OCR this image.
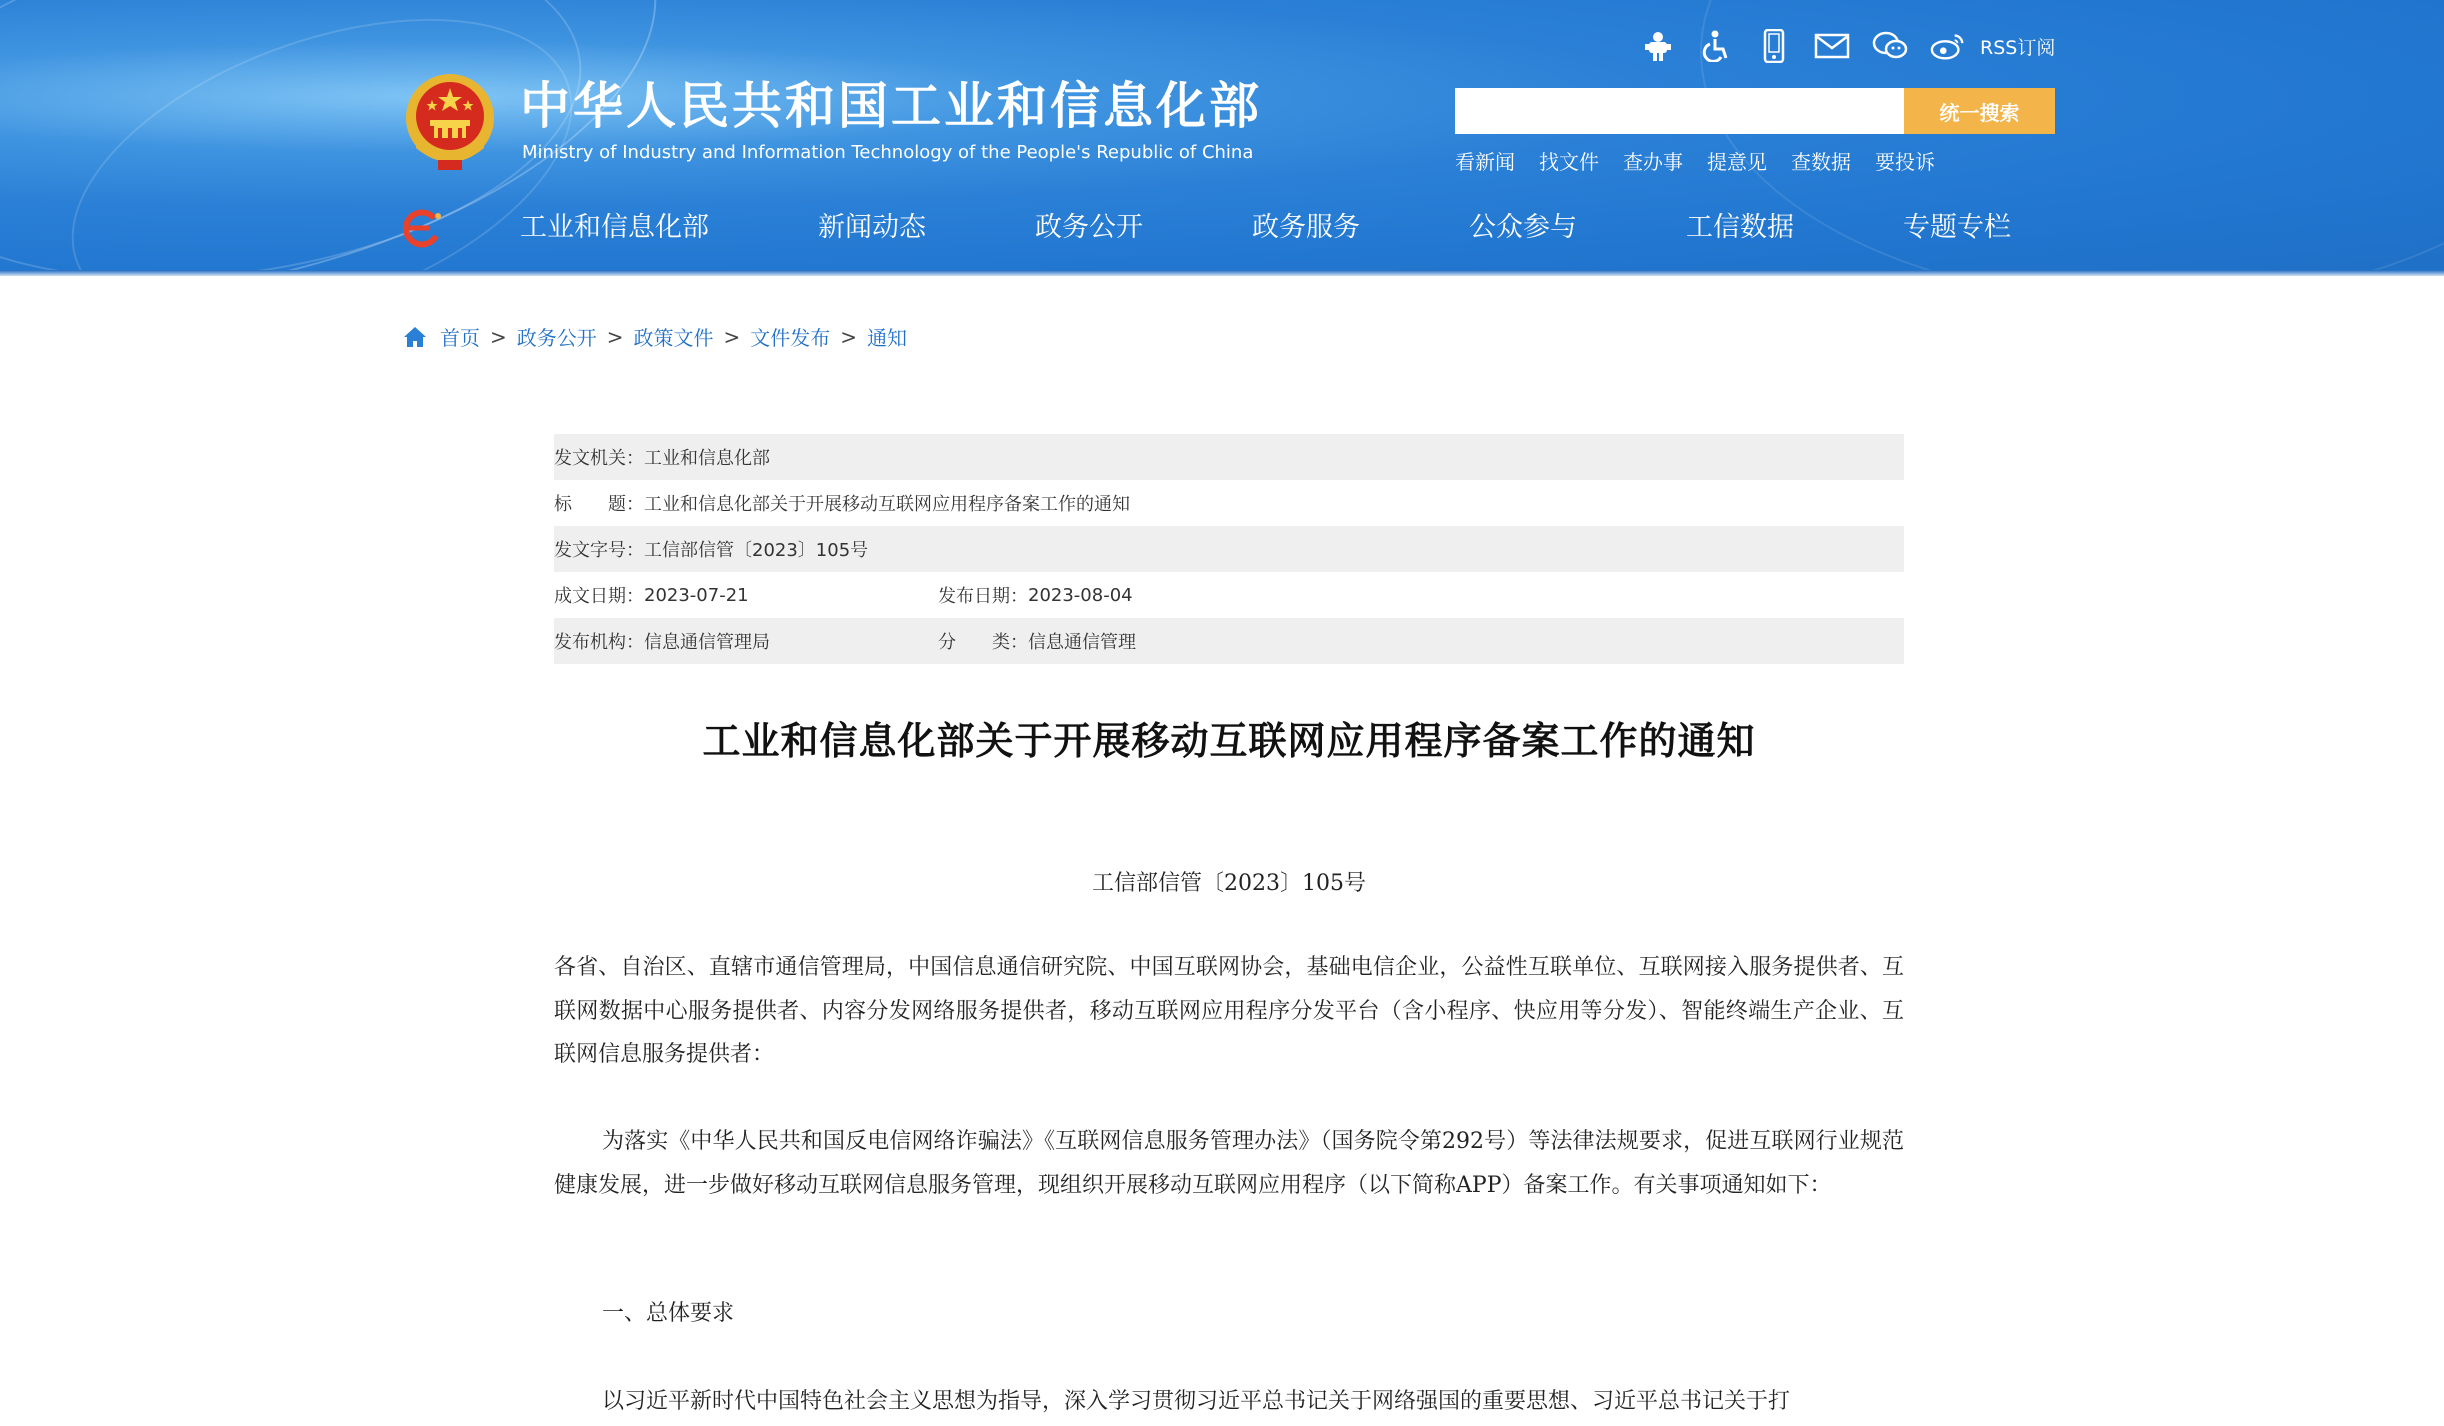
中华人民共和国工业和信息化部
Ministry of Industry and Information Technology of the People's Republic of China
RSS订阅
统一搜索
看新闻 找文件 查办事 提意见 查数据 要投诉
工业和信息化部	新闻动态	政务公开	政务服务	公众参与	工信数据	专题专栏
首页 > 政务公开 > 政策文件 > 文件发布 > 通知
发文机关： 工业和信息化部
标　　题： 工业和信息化部关于开展移动互联网应用程序备案工作的通知
发文字号： 工信部信管〔2023〕105号
成文日期： 2023-07-21	发布日期： 2023-08-04
发布机构： 信息通信管理局	分　　类： 信息通信管理
工业和信息化部关于开展移动互联网应用程序备案工作的通知
工信部信管〔2023〕105号
各省、自治区、直辖市通信管理局，中国信息通信研究院、中国互联网协会，基础电信企业，公益性互联单位、互联网接入服务提供者、互联网数据中心服务提供者、内容分发网络服务提供者，移动互联网应用程序分发平台（含小程序、快应用等分发）、智能终端生产企业、互联网信息服务提供者：
为落实《中华人民共和国反电信网络诈骗法》《互联网信息服务管理办法》（国务院令第292号）等法律法规要求，促进互联网行业规范健康发展，进一步做好移动互联网信息服务管理，现组织开展移动互联网应用程序（以下简称APP）备案工作。有关事项通知如下：
一、总体要求
以习近平新时代中国特色社会主义思想为指导，深入学习贯彻习近平总书记关于网络强国的重要思想、习近平总书记关于打
